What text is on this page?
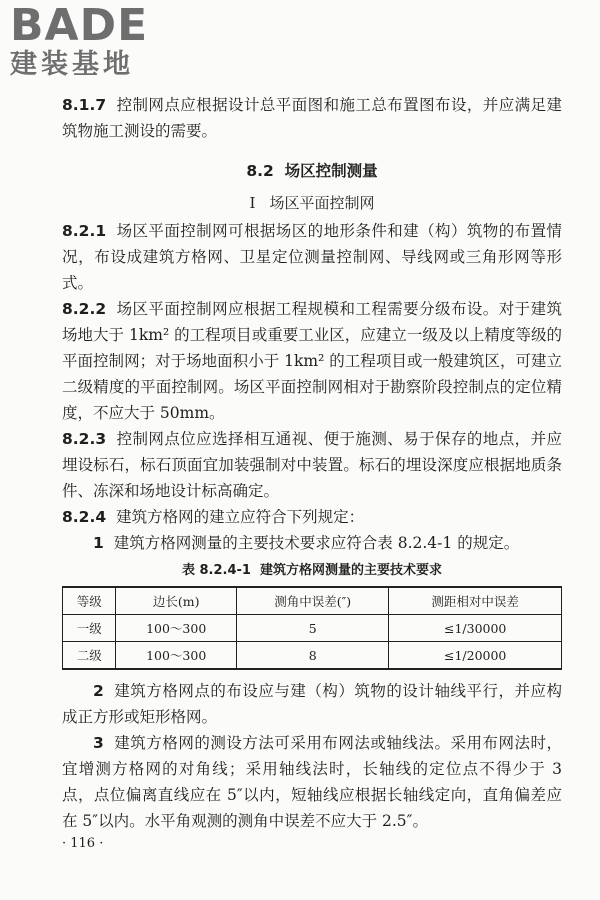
BADE
建装基地

8.1.7 控制网点应根据设计总平面图和施工总布置图布设，并应满足建筑物施工测设的需要。

8.2 场区控制测量
Ⅰ 场区平面控制网

8.2.1 场区平面控制网可根据场区的地形条件和建（构）筑物的布置情况，布设成建筑方格网、卫星定位测量控制网、导线网或三角形网等形式。

8.2.2 场区平面控制网应根据工程规模和工程需要分级布设。对于建筑场地大于 1km² 的工程项目或重要工业区，应建立一级及以上精度等级的平面控制网；对于场地面积小于 1km² 的工程项目或一般建筑区，可建立二级精度的平面控制网。场区平面控制网相对于勘察阶段控制点的定位精度，不应大于 50mm。

8.2.3 控制网点位应选择相互通视、便于施测、易于保存的地点，并应埋设标石，标石顶面宜加装强制对中装置。标石的埋设深度应根据地质条件、冻深和场地设计标高确定。

8.2.4 建筑方格网的建立应符合下列规定：

1 建筑方格网测量的主要技术要求应符合表 8.2.4-1 的规定。

表 8.2.4-1 建筑方格网测量的主要技术要求
等级	边长(m)	测角中误差(″)	测距相对中误差
一级	100～300	5	≤1/30000
二级	100～300	8	≤1/20000

2 建筑方格网点的布设应与建（构）筑物的设计轴线平行，并应构成正方形或矩形格网。

3 建筑方格网的测设方法可采用布网法或轴线法。采用布网法时，宜增测方格网的对角线；采用轴线法时，长轴线的定位点不得少于 3 点，点位偏离直线应在 5″以内，短轴线应根据长轴线定向，直角偏差应在 5″以内。水平角观测的测角中误差不应大于 2.5″。

· 116 ·
